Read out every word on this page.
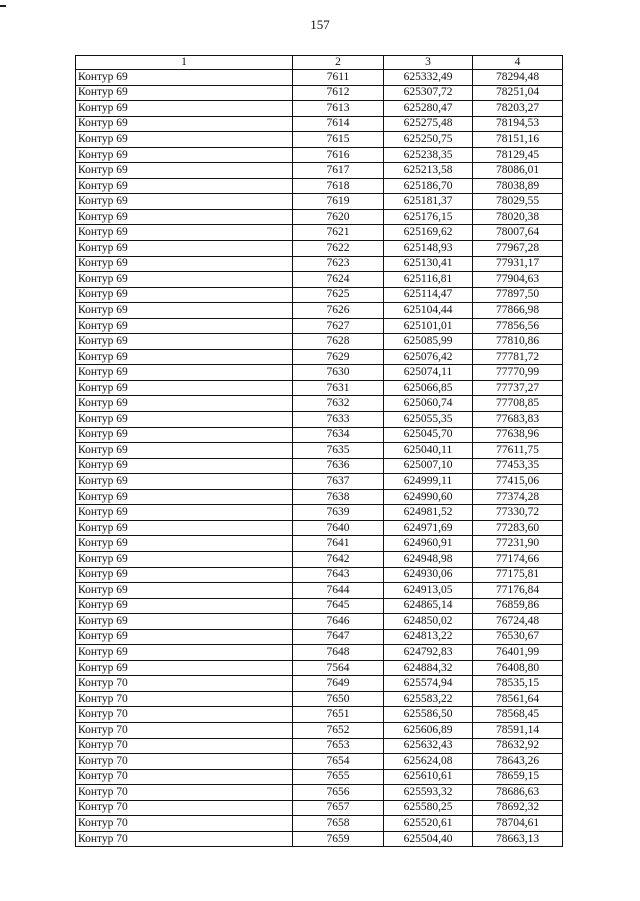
157
1	2	3	4
Контур 69	7611	625332,49	78294,48
Контур 69	7612	625307,72	78251,04
Контур 69	7613	625280,47	78203,27
Контур 69	7614	625275,48	78194,53
Контур 69	7615	625250,75	78151,16
Контур 69	7616	625238,35	78129,45
Контур 69	7617	625213,58	78086,01
Контур 69	7618	625186,70	78038,89
Контур 69	7619	625181,37	78029,55
Контур 69	7620	625176,15	78020,38
Контур 69	7621	625169,62	78007,64
Контур 69	7622	625148,93	77967,28
Контур 69	7623	625130,41	77931,17
Контур 69	7624	625116,81	77904,63
Контур 69	7625	625114,47	77897,50
Контур 69	7626	625104,44	77866,98
Контур 69	7627	625101,01	77856,56
Контур 69	7628	625085,99	77810,86
Контур 69	7629	625076,42	77781,72
Контур 69	7630	625074,11	77770,99
Контур 69	7631	625066,85	77737,27
Контур 69	7632	625060,74	77708,85
Контур 69	7633	625055,35	77683,83
Контур 69	7634	625045,70	77638,96
Контур 69	7635	625040,11	77611,75
Контур 69	7636	625007,10	77453,35
Контур 69	7637	624999,11	77415,06
Контур 69	7638	624990,60	77374,28
Контур 69	7639	624981,52	77330,72
Контур 69	7640	624971,69	77283,60
Контур 69	7641	624960,91	77231,90
Контур 69	7642	624948,98	77174,66
Контур 69	7643	624930,06	77175,81
Контур 69	7644	624913,05	77176,84
Контур 69	7645	624865,14	76859,86
Контур 69	7646	624850,02	76724,48
Контур 69	7647	624813,22	76530,67
Контур 69	7648	624792,83	76401,99
Контур 69	7564	624884,32	76408,80
Контур 70	7649	625574,94	78535,15
Контур 70	7650	625583,22	78561,64
Контур 70	7651	625586,50	78568,45
Контур 70	7652	625606,89	78591,14
Контур 70	7653	625632,43	78632,92
Контур 70	7654	625624,08	78643,26
Контур 70	7655	625610,61	78659,15
Контур 70	7656	625593,32	78686,63
Контур 70	7657	625580,25	78692,32
Контур 70	7658	625520,61	78704,61
Контур 70	7659	625504,40	78663,13
